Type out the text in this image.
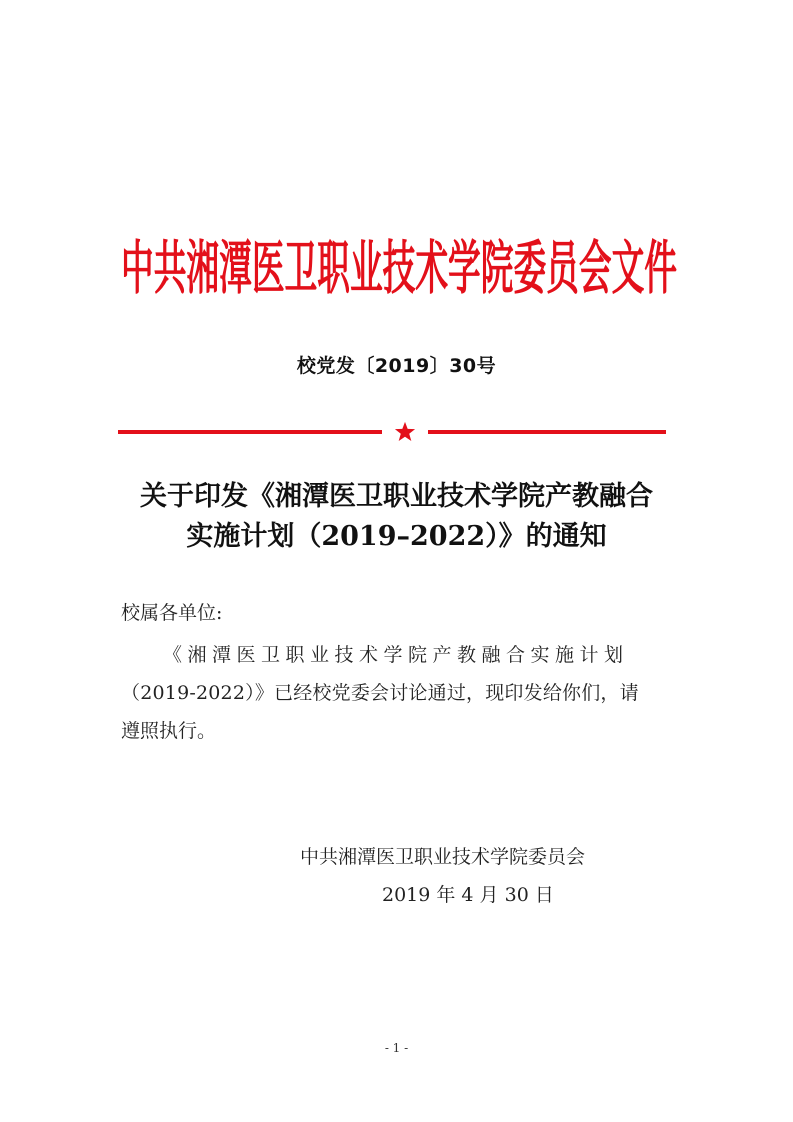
中共湘潭医卫职业技术学院委员会文件
校党发〔2019〕30号
关于印发《湘潭医卫职业技术学院产教融合
实施计划（2019–2022）》的通知
校属各单位:
《湘潭医卫职业技术学院产教融合实施计划
（2019-2022）》已经校党委会讨论通过，现印发给你们，请
遵照执行。
中共湘潭医卫职业技术学院委员会
2019 年 4 月 30 日
- 1 -
